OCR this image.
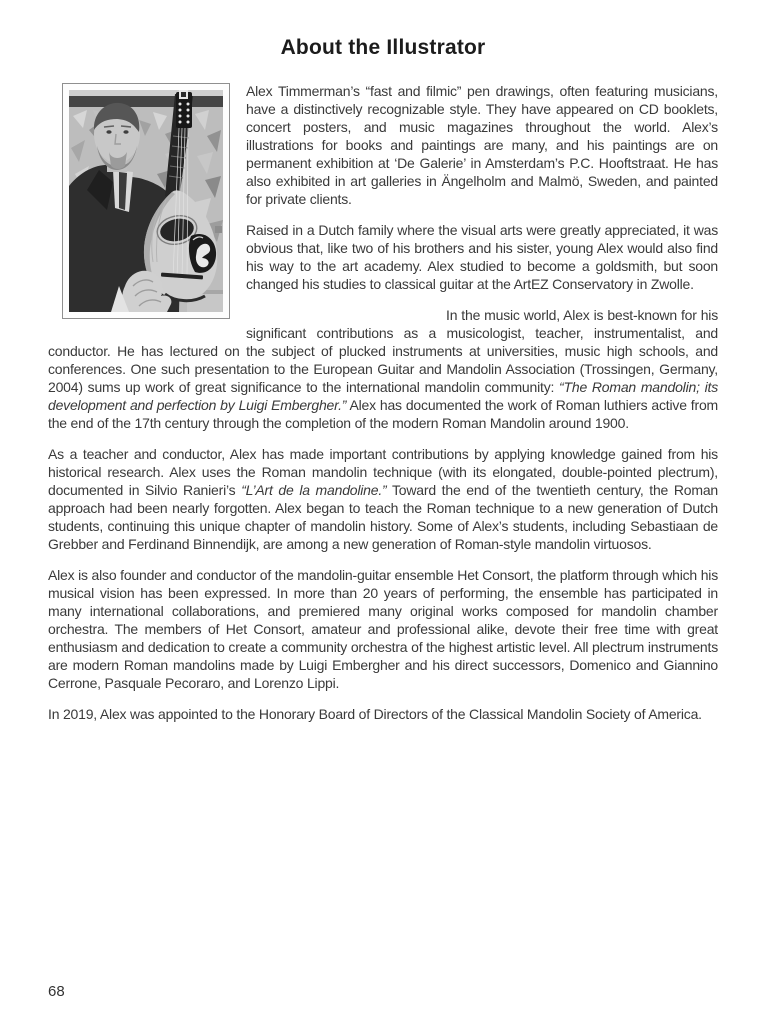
About the Illustrator

Alex Timmerman’s “fast and filmic” pen drawings, often featuring musicians, have a distinctively recognizable style. They have appeared on CD booklets, concert posters, and music magazines throughout the world. Alex’s illustrations for books and paintings are many, and his paintings are on permanent exhibition at ‘De Galerie’ in Amsterdam’s P.C. Hooftstraat. He has also exhibited in art galleries in Ängelholm and Malmö, Sweden, and painted for private clients.

Raised in a Dutch family where the visual arts were greatly appreciated, it was obvious that, like two of his brothers and his sister, young Alex would also find his way to the art academy. Alex studied to become a goldsmith, but soon changed his studies to classical guitar at the ArtEZ Conservatory in Zwolle.

In the music world, Alex is best-known for his significant contributions as a musicologist, teacher, instrumentalist, and conductor. He has lectured on the subject of plucked instruments at universities, music high schools, and conferences. One such presentation to the European Guitar and Mandolin Association (Trossingen, Germany, 2004) sums up work of great significance to the international mandolin community: “The Roman mandolin; its development and perfection by Luigi Embergher.” Alex has documented the work of Roman luthiers active from the end of the 17th century through the completion of the modern Roman Mandolin around 1900.

As a teacher and conductor, Alex has made important contributions by applying knowledge gained from his historical research. Alex uses the Roman mandolin technique (with its elongated, double-pointed plectrum), documented in Silvio Ranieri’s “L’Art de la mandoline.” Toward the end of the twentieth century, the Roman approach had been nearly forgotten. Alex began to teach the Roman technique to a new generation of Dutch students, continuing this unique chapter of mandolin history. Some of Alex’s students, including Sebastiaan de Grebber and Ferdinand Binnendijk, are among a new generation of Roman-style mandolin virtuosos.

Alex is also founder and conductor of the mandolin-guitar ensemble Het Consort, the platform through which his musical vision has been expressed. In more than 20 years of performing, the ensemble has participated in many international collaborations, and premiered many original works composed for mandolin chamber orchestra. The members of Het Consort, amateur and professional alike, devote their free time with great enthusiasm and dedication to create a community orchestra of the highest artistic level. All plectrum instruments are modern Roman mandolins made by Luigi Embergher and his direct successors, Domenico and Giannino Cerrone, Pasquale Pecoraro, and Lorenzo Lippi.

In 2019, Alex was appointed to the Honorary Board of Directors of the Classical Mandolin Society of America.

68
